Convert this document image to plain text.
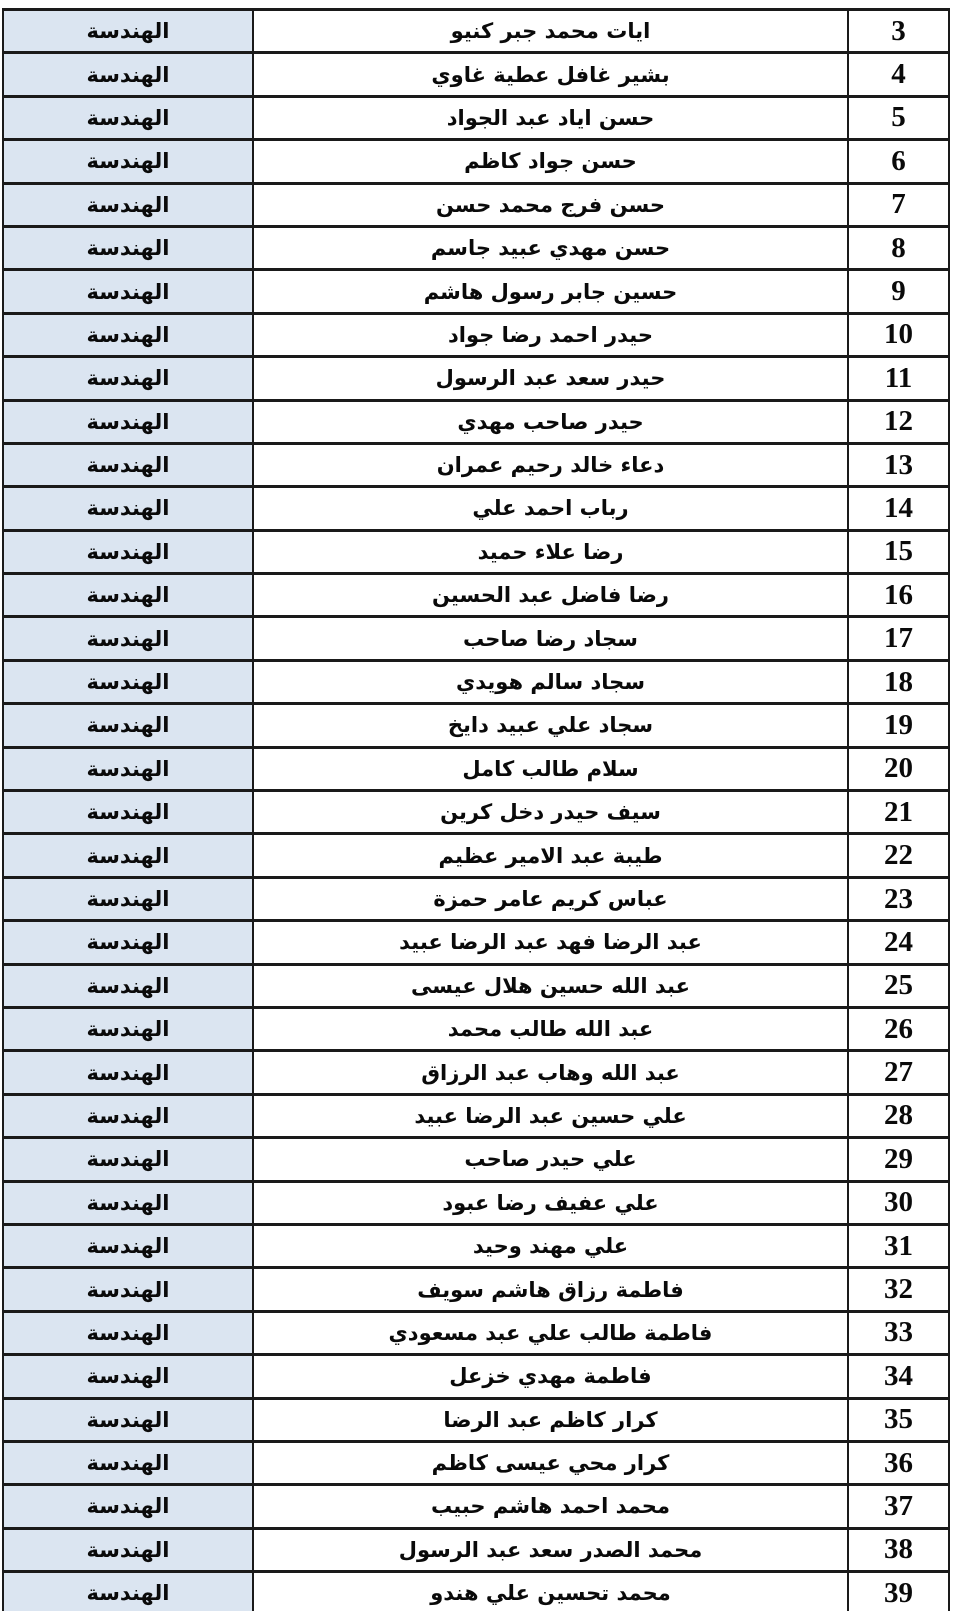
3	ايات محمد جبر كنيو	الهندسة
4	بشير غافل عطية غاوي	الهندسة
5	حسن اياد عبد الجواد	الهندسة
6	حسن جواد كاظم	الهندسة
7	حسن فرج محمد حسن	الهندسة
8	حسن مهدي عبيد جاسم	الهندسة
9	حسين جابر رسول هاشم	الهندسة
10	حيدر احمد رضا جواد	الهندسة
11	حيدر سعد عبد الرسول	الهندسة
12	حيدر صاحب مهدي	الهندسة
13	دعاء خالد رحيم عمران	الهندسة
14	رباب احمد علي	الهندسة
15	رضا علاء حميد	الهندسة
16	رضا فاضل عبد الحسين	الهندسة
17	سجاد رضا صاحب	الهندسة
18	سجاد سالم هويدي	الهندسة
19	سجاد علي عبيد دايخ	الهندسة
20	سلام طالب كامل	الهندسة
21	سيف حيدر دخل كرين	الهندسة
22	طيبة عبد الامير عظيم	الهندسة
23	عباس كريم عامر حمزة	الهندسة
24	عبد الرضا فهد عبد الرضا عبيد	الهندسة
25	عبد الله حسين هلال عيسى	الهندسة
26	عبد الله طالب محمد	الهندسة
27	عبد الله وهاب عبد الرزاق	الهندسة
28	علي حسين عبد الرضا عبيد	الهندسة
29	علي حيدر صاحب	الهندسة
30	علي عفيف رضا عبود	الهندسة
31	علي مهند وحيد	الهندسة
32	فاطمة رزاق هاشم سويف	الهندسة
33	فاطمة طالب علي عبد مسعودي	الهندسة
34	فاطمة مهدي خزعل	الهندسة
35	كرار كاظم عبد الرضا	الهندسة
36	كرار محي عيسى كاظم	الهندسة
37	محمد احمد هاشم حبيب	الهندسة
38	محمد الصدر سعد عبد الرسول	الهندسة
39	محمد تحسين علي هندو	الهندسة
